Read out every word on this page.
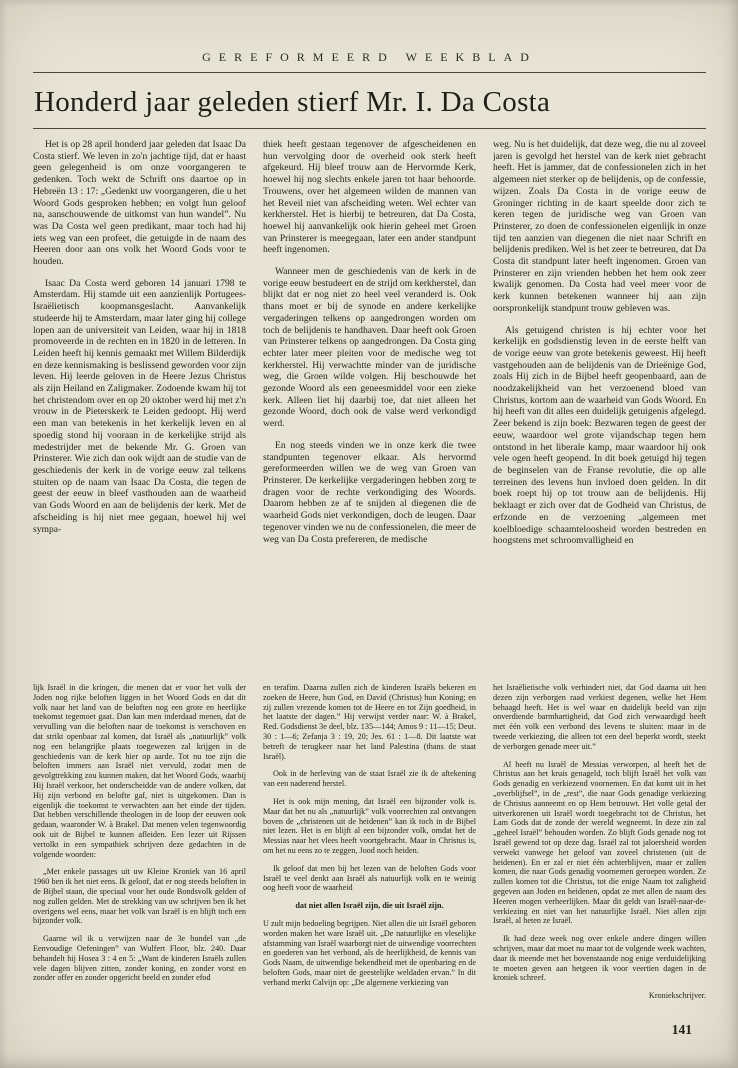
GEREFORMEERD WEEKBLAD
Honderd jaar geleden stierf Mr. I. Da Costa

Het is op 28 april honderd jaar geleden dat Isaac Da Costa stierf. We leven in zo'n jachtige tijd, dat er haast geen gelegenheid is om onze voorgangeren te gedenken. Toch wekt de Schrift ons daartoe op in Hebreën 13 : 17: „Gedenkt uw voorgangeren, die u het Woord Gods gesproken hebben; en volgt hun geloof na, aanschouwende de uitkomst van hun wandel”. Nu was Da Costa wel geen predikant, maar toch had hij iets weg van een profeet, die getuigde in de naam des Heeren door aan ons volk het Woord Gods voor te houden.

Isaac Da Costa werd geboren 14 januari 1798 te Amsterdam. Hij stamde uit een aanzienlijk Portugees-Israëlietisch koopmansgeslacht. Aanvankelijk studeerde hij te Amsterdam, maar later ging hij college lopen aan de universiteit van Leiden, waar hij in 1818 promoveerde in de rechten en in 1820 in de letteren. In Leiden heeft hij kennis gemaakt met Willem Bilderdijk en deze kennismaking is beslissend geworden voor zijn leven. Hij leerde geloven in de Heere Jezus Christus als zijn Heiland en Zaligmaker. Zodoende kwam hij tot het christendom over en op 20 oktober werd hij met z'n vrouw in de Pieterskerk te Leiden gedoopt. Hij werd een man van betekenis in het kerkelijk leven en al spoedig stond hij vooraan in de kerkelijke strijd als medestrijder met de bekende Mr. G. Groen van Prinsterer. Wie zich dan ook wijdt aan de studie van de geschiedenis der kerk in de vorige eeuw zal telkens stuiten op de naam van Isaac Da Costa, die tegen de geest der eeuw in bleef vasthouden aan de waarheid van Gods Woord en aan de belijdenis der kerk. Met de afscheiding is hij niet mee gegaan, hoewel hij wel sympa-

thiek heeft gestaan tegenover de afgescheidenen en hun vervolging door de overheid ook sterk heeft afgekeurd. Hij bleef trouw aan de Hervormde Kerk, hoewel hij nog slechts enkele jaren tot haar behoorde. Trouwens, over het algemeen wilden de mannen van het Reveil niet van afscheiding weten. Wel echter van kerkherstel. Het is hierbij te betreuren, dat Da Costa, hoewel hij aanvankelijk ook hierin geheel met Groen van Prinsterer is meegegaan, later een ander standpunt heeft ingenomen.

Wanneer men de geschiedenis van de kerk in de vorige eeuw bestudeert en de strijd om kerkherstel, dan blijkt dat er nog niet zo heel veel veranderd is. Ook thans moet er bij de synode en andere kerkelijke vergaderingen telkens op aangedrongen worden om toch de belijdenis te handhaven. Daar heeft ook Groen van Prinsterer telkens op aangedrongen. Da Costa ging echter later meer pleiten voor de medische weg tot kerkherstel. Hij verwachtte minder van de juridische weg, die Groen wilde volgen. Hij beschouwde het gezonde Woord als een geneesmiddel voor een zieke kerk. Alleen liet hij daarbij toe, dat niet alleen het gezonde Woord, doch ook de valse werd verkondigd werd.

En nog steeds vinden we in onze kerk die twee standpunten tegenover elkaar. Als hervormd gereformeerden willen we de weg van Groen van Prinsterer. De kerkelijke vergaderingen hebben zorg te dragen voor de rechte verkondiging des Woords. Daarom hebben ze af te snijden al diegenen die de waarheid Gods niet verkondigen, doch de leugen. Daar tegenover vinden we nu de confessionelen, die meer de weg van Da Costa prefereren, de medische

weg. Nu is het duidelijk, dat deze weg, die nu al zoveel jaren is gevolgd het herstel van de kerk niet gebracht heeft. Het is jammer, dat de confessionelen zich in het algemeen niet sterker op de belijdenis, op de confessie, wijzen. Zoals Da Costa in de vorige eeuw de Groninger richting in de kaart speelde door zich te keren tegen de juridische weg van Groen van Prinsterer, zo doen de confessionelen eigenlijk in onze tijd ten aanzien van diegenen die niet naar Schrift en belijdenis prediken. Wel is het zeer te betreuren, dat Da Costa dit standpunt later heeft ingenomen. Groen van Prinsterer en zijn vrienden hebben het hem ook zeer kwalijk genomen. Da Costa had veel meer voor de kerk kunnen betekenen wanneer hij aan zijn oorspronkelijk standpunt trouw gebleven was.

Als getuigend christen is hij echter voor het kerkelijk en godsdienstig leven in de eerste helft van de vorige eeuw van grote betekenis geweest. Hij heeft vastgehouden aan de belijdenis van de Drieënige God, zoals Hij zich in de Bijbel heeft geopenbaard, aan de noodzakelijkheid van het verzoenend bloed van Christus, kortom aan de waarheid van Gods Woord. En hij heeft van dit alles een duidelijk getuigenis afgelegd. Zeer bekend is zijn boek: Bezwaren tegen de geest der eeuw, waardoor wel grote vijandschap tegen hem ontstond in het liberale kamp, maar waardoor hij ook vele ogen heeft geopend. In dit boek getuigd hij tegen de beginselen van de Franse revolutie, die op alle terreinen des levens hun invloed doen gelden. In dit boek roept hij op tot trouw aan de belijdenis. Hij beklaagt er zich over dat de Godheid van Christus, de erfzonde en de verzoening „algemeen met koelbloedige schaamteloosheid worden bestreden en hoogstens met schroomvalligheid en

lijk Israël in die kringen, die menen dat er voor het volk der Joden nog rijke beloften liggen in het Woord Gods en dat dit volk naar het land van de beloften nog een grote en heerlijke toekomst tegemoet gaat. Dan kan men inderdaad menen, dat de vervulling van die beloften naar de toekomst is verschoven en dat strikt openbaar zal komen, dat Israël als „natuurlijk” volk nog een belangrijke plaats toegewezen zal krijgen in de geschiedenis van de kerk hier op aarde. Tot nu toe zijn die beloften immers aan Israël niet vervuld, zodat men de gevolgtrekking zou kunnen maken, dat het Woord Gods, waarbij Hij Israël verkoor, het onderscheidde van de andere volken, dat Hij zijn verbond en belofte gaf, niet is uitgekomen. Dan is eigenlijk die toekomst te verwachten aan het einde der tijden. Dat hebben verschillende theologen in de loop der eeuwen ook gedaan, waaronder W. à Brakel. Dat menen velen tegenwoordig ook uit de Bijbel te kunnen afleiden. Een lezer uit Rijssen vertolkt in een sympathiek schrijven deze gedachten in de volgende woorden:

„Met enkele passages uit uw Kleine Kroniek van 16 april 1960 ben ik het niet eens. Ik geloof, dat er nog steeds beloften in de Bijbel staan, die speciaal voor het oude Bondsvolk gelden of nog zullen gelden. Met de strekking van uw schrijven ben ik het overigens wel eens, maar het volk van Israël is en blijft toch een bijzonder volk.

Gaarne wil ik u verwijzen naar de 3e bundel van „de Eenvoudige Oefeningen” van Wulfert Floor, blz. 240. Daar behandelt hij Hosea 3 : 4 en 5: „Want de kinderen Israëls zullen vele dagen blijven zitten, zonder koning, en zonder vorst en zonder offer en zonder opgericht beeld en zonder efod

en terafim. Daarna zullen zich de kinderen Israëls bekeren en zoeken de Heere, hun God, en David (Christus) hun Koning; en zij zullen vrezende komen tot de Heere en tot Zijn goedheid, in het laatste der dagen.” Hij verwijst verder naar: W. à Brakel, Red. Godsdienst 3e deel, blz. 135—144; Amos 9 : 11—15; Deut. 30 : 1—6; Zefanja 3 : 19, 20; Jes. 61 : 1—8. Dit laatste wat betreft de terugkeer naar het land Palestina (thans de staat Israël).

Ook in de herleving van de staat Israël zie ik de aftekening van een naderend herstel.

Het is ook mijn mening, dat Israël een bijzonder volk is. Maar dat het nu als „natuurlijk” volk voorrechten zal ontvangen boven de „christenen uit de heidenen” kan ik toch in de Bijbel niet lezen. Het is en blijft al een bijzonder volk, omdat het de Messias naar het vlees heeft voortgebracht. Maar in Christus is, om het nu eens zo te zeggen, Jood noch heiden.

Ik geloof dat men bij het lezen van de beloften Gods voor Israël te veel denkt aan Israël als natuurlijk volk en te weinig oog heeft voor de waarheid

dat niet allen Israël zijn, die uit Israël zijn.

U zult mijn bedoeling begrijpen. Niet allen die uit Israël geboren worden maken het ware Israël uit. „De natuurlijke en vleselijke afstamming van Israël waarborgt niet de uitwendige voorrechten en goederen van het verbond, als de heerlijkheid, de kennis van Gods Naam, de uitwendige bekendheid met de openbaring en de beloften Gods, maar niet de geestelijke weldaden ervan.” In dit verband merkt Calvijn op: „De algemene verkiezing van

het Israëlietische volk verhindert niet, dat God daarna uit hen dezen zijn verborgen raad verkiest degenen, welke het Hem behaagd heeft. Het is wel waar en duidelijk beeld van zijn onverdiende barmhartigheid, dat God zich verwaardigd heeft met één volk een verbond des levens te sluiten: maar in de tweede verkiezing, die alleen tot een deel beperkt wordt, steekt de verborgen genade meer uit.”

Al heeft nu Israël de Messias verworpen, al heeft het de Christus aan het kruis genageld, toch blijft Israël het volk van Gods genadig en verkiezend voornemen. En dat komt uit in het „overblijfsel”, in de „rest”, die naar Gods genadige verkiezing de Christus aanneemt en op Hem betrouwt. Het volle getal der uitverkorenen uit Israël wordt toegebracht tot de Christus, het Lam Gods dat de zonde der wereld wegneemt. In deze zin zal „geheel Israël” behouden worden. Zo blijft Gods genade nog tot Israël gewend tot op deze dag. Israël zal tot jaloersheid worden verwekt vanwege het geloof van zoveel christenen (uit de heidenen). En er zal er niet één achterblijven, maar er zullen komen, die naar Gods genadig voornemen geroepen worden. Ze zullen komen tot die Christus, tot die enige Naam tot zaligheid gegeven aan Joden en heidenen, opdat ze met allen de naam des Heeren mogen verheerlijken. Maar dit geldt van Israël-naar-de-verkiezing en niet van het natuurlijke Israël. Niet allen zijn Israël, al heten ze Israël.

Ik had deze week nog over enkele andere dingen willen schrijven, maar dat moet nu maar tot de volgende week wachten, daar ik meende met het bovenstaande nog enige verduidelijking te moeten geven aan hetgeen ik voor veertien dagen in de kroniek schreef.

Kroniekschrijver.

141
